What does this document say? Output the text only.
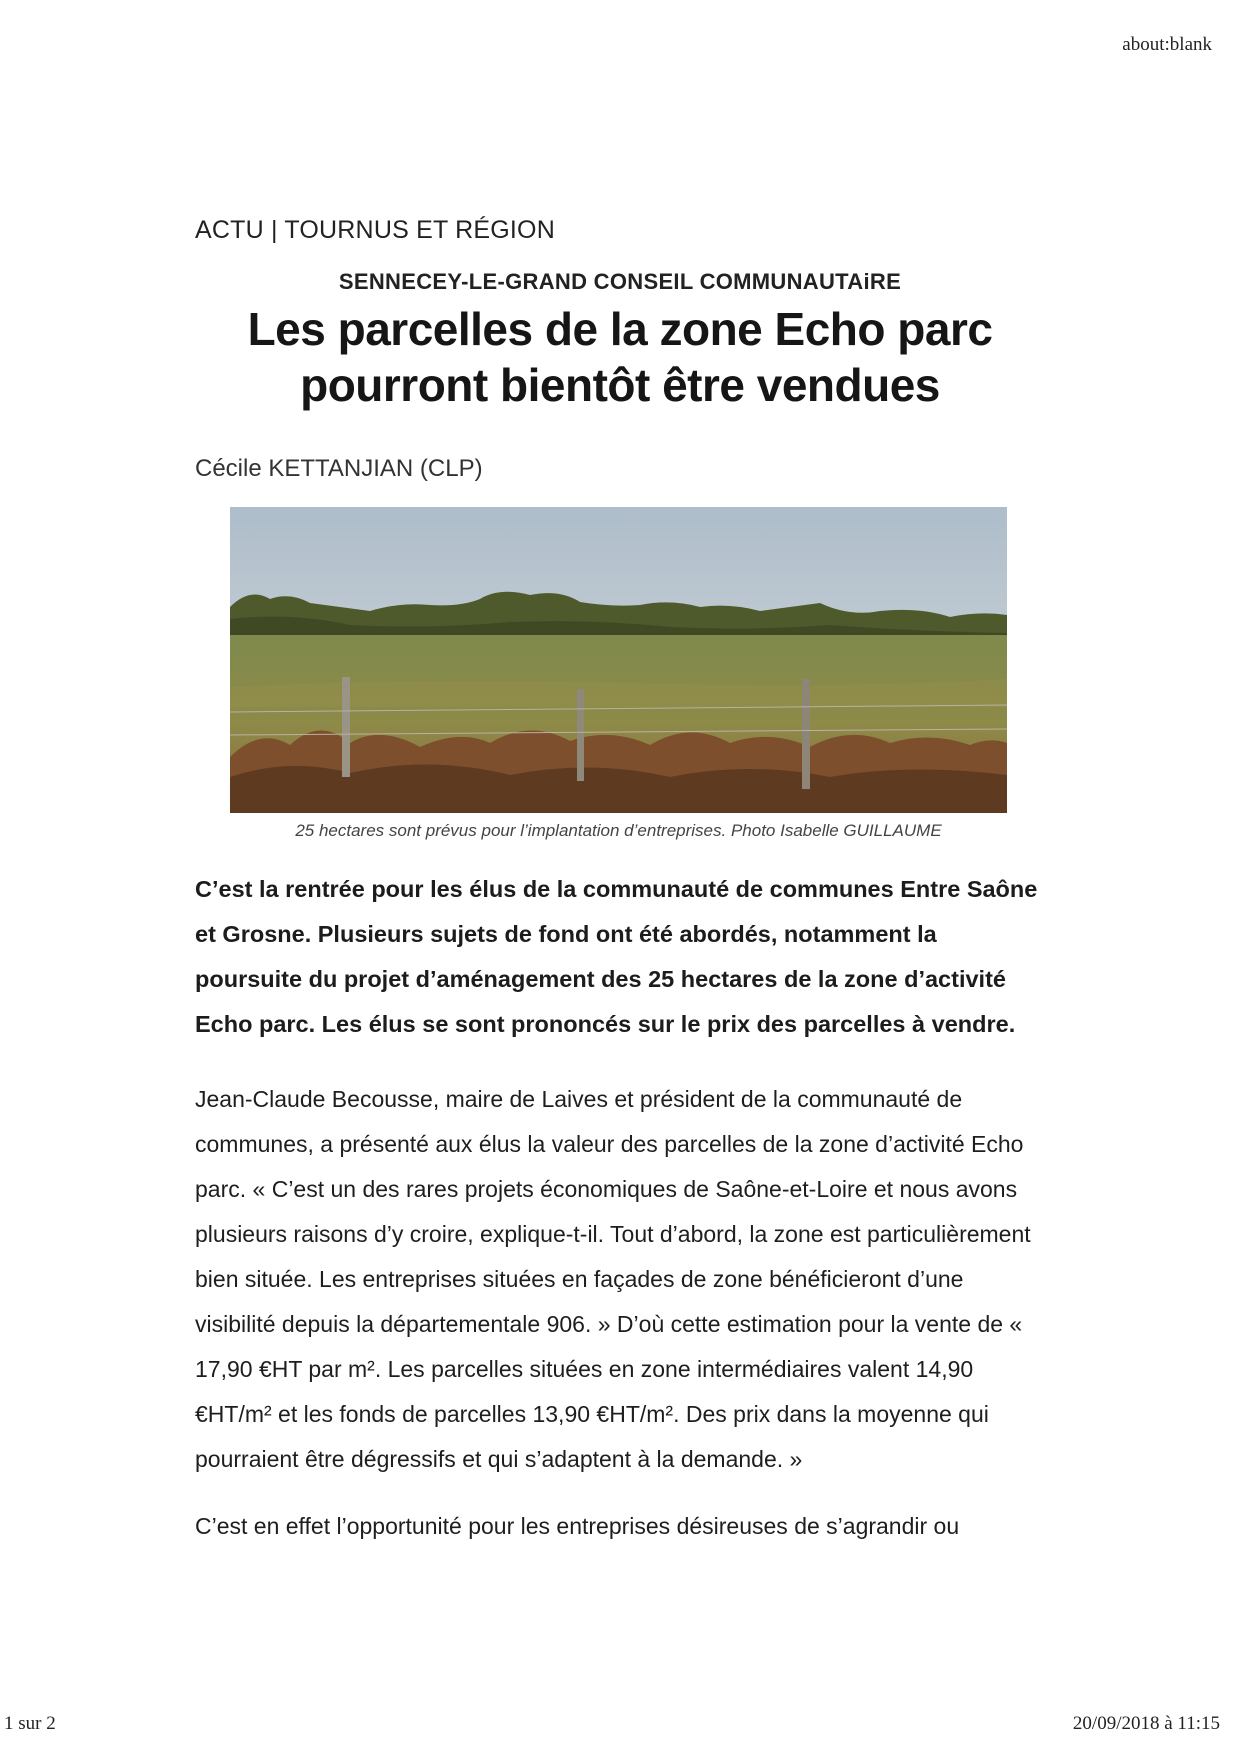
about:blank
ACTU | TOURNUS ET RÉGION
SENNECEY-LE-GRAND CONSEIL COMMUNAUTAiRE
Les parcelles de la zone Echo parc
pourront bientôt être vendues
Cécile KETTANJIAN (CLP)
25 hectares sont prévus pour l’implantation d’entreprises. Photo Isabelle GUILLAUME
C’est la rentrée pour les élus de la communauté de communes Entre Saône et Grosne. Plusieurs sujets de fond ont été abordés, notamment la poursuite du projet d’aménagement des 25 hectares de la zone d’activité Echo parc. Les élus se sont prononcés sur le prix des parcelles à vendre.
Jean-Claude Becousse, maire de Laives et président de la communauté de communes, a présenté aux élus la valeur des parcelles de la zone d’activité Echo parc. « C’est un des rares projets économiques de Saône-et-Loire et nous avons plusieurs raisons d’y croire, explique-t-il. Tout d’abord, la zone est particulièrement bien située. Les entreprises situées en façades de zone bénéficieront d’une visibilité depuis la départementale 906. » D’où cette estimation pour la vente de « 17,90 €HT par m². Les parcelles situées en zone intermédiaires valent 14,90 €HT/m² et les fonds de parcelles 13,90 €HT/m². Des prix dans la moyenne qui pourraient être dégressifs et qui s’adaptent à la demande. »
C’est en effet l’opportunité pour les entreprises désireuses de s’agrandir ou
1 sur 2	20/09/2018 à 11:15
